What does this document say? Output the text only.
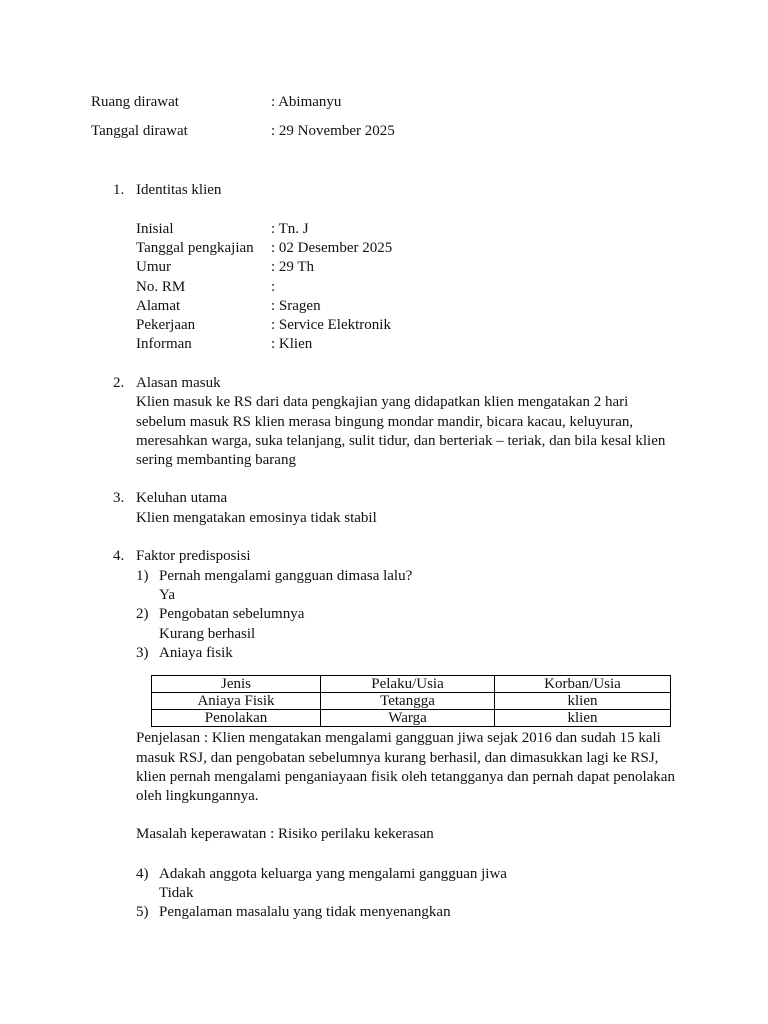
Ruang dirawat	: Abimanyu
Tanggal dirawat	: 29 November 2025
1. Identitas klien
Inisial	: Tn. J
Tanggal pengkajian : 02 Desember 2025
Umur	: 29 Th
No. RM	:
Alamat	: Sragen
Pekerjaan	: Service Elektronik
Informan	: Klien
2. Alasan masuk
Klien masuk ke RS dari data pengkajian yang didapatkan klien mengatakan 2 hari
sebelum masuk RS klien merasa bingung mondar mandir, bicara kacau, keluyuran,
meresahkan warga, suka telanjang, sulit tidur, dan berteriak – teriak, dan bila kesal klien
sering membanting barang
3. Keluhan utama
Klien mengatakan emosinya tidak stabil
4. Faktor predisposisi
1) Pernah mengalami gangguan dimasa lalu?
Ya
2) Pengobatan sebelumnya
Kurang berhasil
3) Aniaya fisik
Jenis	Pelaku/Usia	Korban/Usia
Aniaya Fisik	Tetangga	klien
Penolakan	Warga	klien
Penjelasan : Klien mengatakan mengalami gangguan jiwa sejak 2016 dan sudah 15 kali
masuk RSJ, dan pengobatan sebelumnya kurang berhasil, dan dimasukkan lagi ke RSJ,
klien pernah mengalami penganiayaan fisik oleh tetangganya dan pernah dapat penolakan
oleh lingkungannya.
Masalah keperawatan : Risiko perilaku kekerasan
4) Adakah anggota keluarga yang mengalami gangguan jiwa
Tidak
5) Pengalaman masalalu yang tidak menyenangkan
